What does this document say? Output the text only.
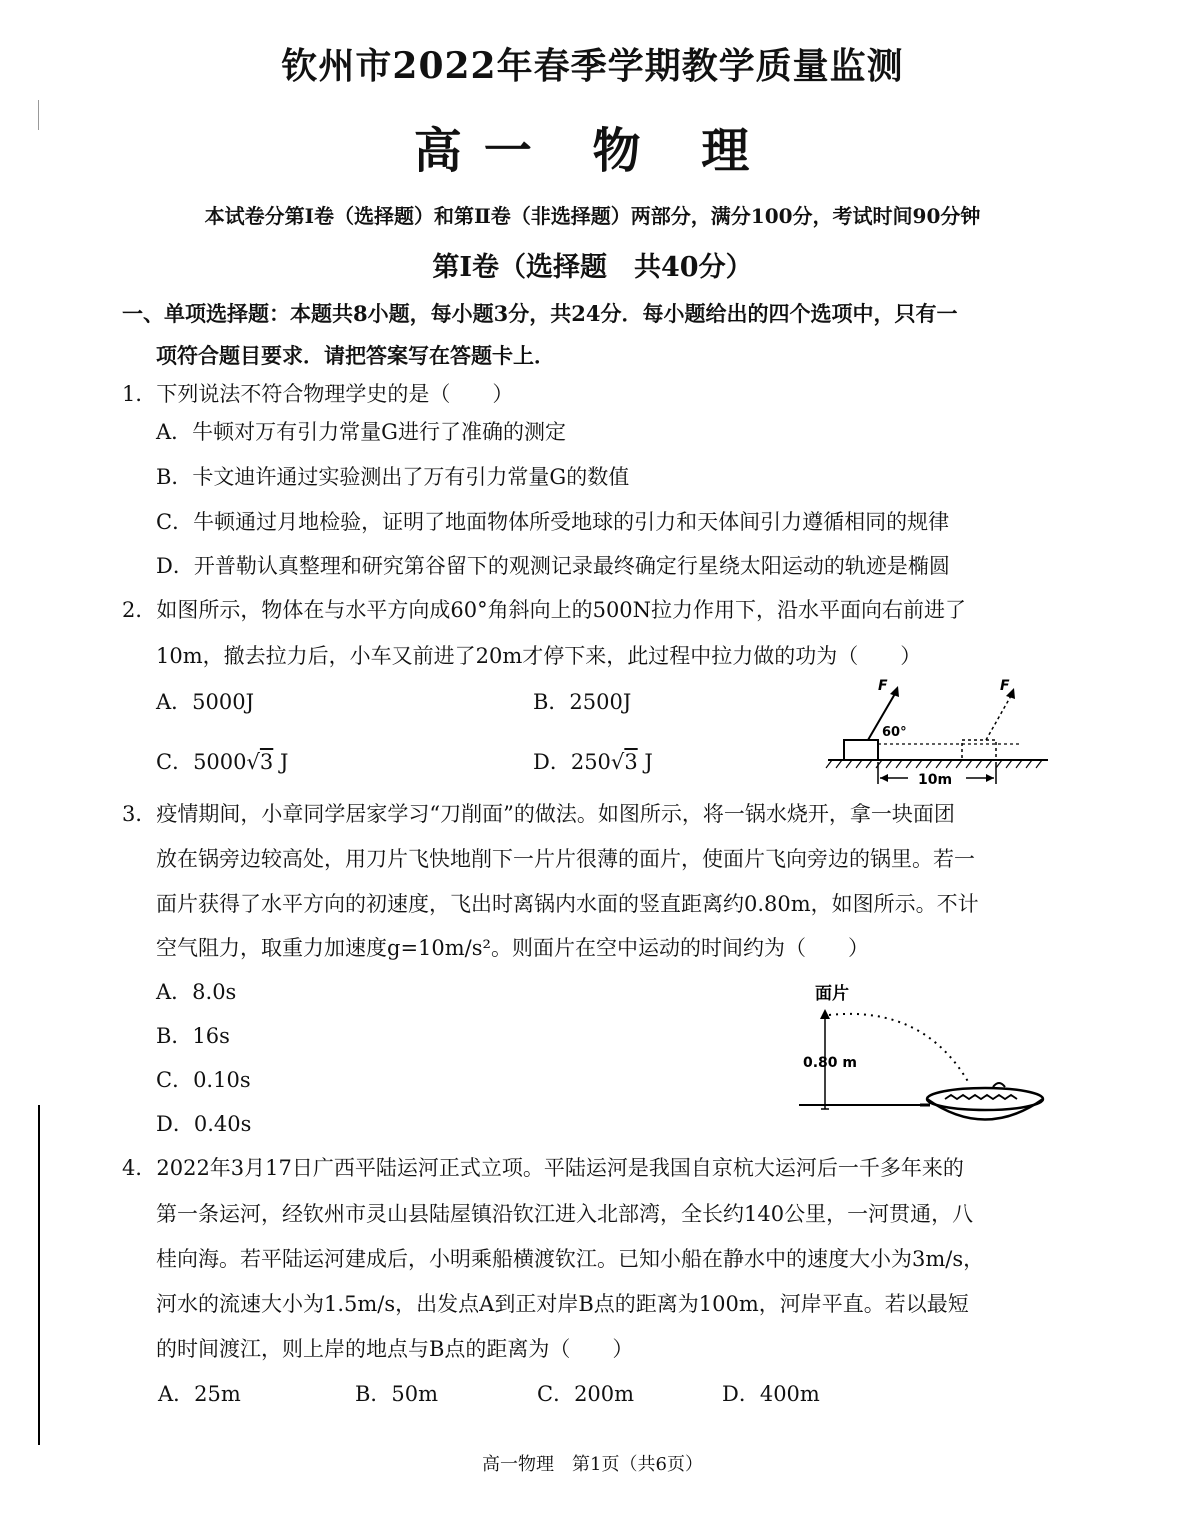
钦州市2022年春季学期教学质量监测
高一 物 理
本试卷分第Ⅰ卷（选择题）和第Ⅱ卷（非选择题）两部分，满分100分，考试时间90分钟
第Ⅰ卷（选择题　共40分）
一、单项选择题：本题共8小题，每小题3分，共24分．每小题给出的四个选项中，只有一
项符合题目要求．请把答案写在答题卡上．
1．下列说法不符合物理学史的是（　　）
A．牛顿对万有引力常量G进行了准确的测定
B．卡文迪许通过实验测出了万有引力常量G的数值
C．牛顿通过月地检验，证明了地面物体所受地球的引力和天体间引力遵循相同的规律
D．开普勒认真整理和研究第谷留下的观测记录最终确定行星绕太阳运动的轨迹是椭圆
2．如图所示，物体在与水平方向成60°角斜向上的500N拉力作用下，沿水平面向右前进了
10m，撤去拉力后，小车又前进了20m才停下来，此过程中拉力做的功为（　　）
A．5000J	B．2500J
C．5000√3 J	D．250√3 J
F	F
60°
10m
3．疫情期间，小章同学居家学习“刀削面”的做法。如图所示，将一锅水烧开，拿一块面团
放在锅旁边较高处，用刀片飞快地削下一片片很薄的面片，使面片飞向旁边的锅里。若一
面片获得了水平方向的初速度，飞出时离锅内水面的竖直距离约0.80m，如图所示。不计
空气阻力，取重力加速度g=10m/s²。则面片在空中运动的时间约为（　　）
A．8.0s
B．16s
C．0.10s
D．0.40s
面片
0.80 m
4．2022年3月17日广西平陆运河正式立项。平陆运河是我国自京杭大运河后一千多年来的
第一条运河，经钦州市灵山县陆屋镇沿钦江进入北部湾，全长约140公里，一河贯通，八
桂向海。若平陆运河建成后，小明乘船横渡钦江。已知小船在静水中的速度大小为3m/s，
河水的流速大小为1.5m/s，出发点A到正对岸B点的距离为100m，河岸平直。若以最短
的时间渡江，则上岸的地点与B点的距离为（　　）
A．25m	B．50m	C．200m	D．400m
高一物理　第1页（共6页）
